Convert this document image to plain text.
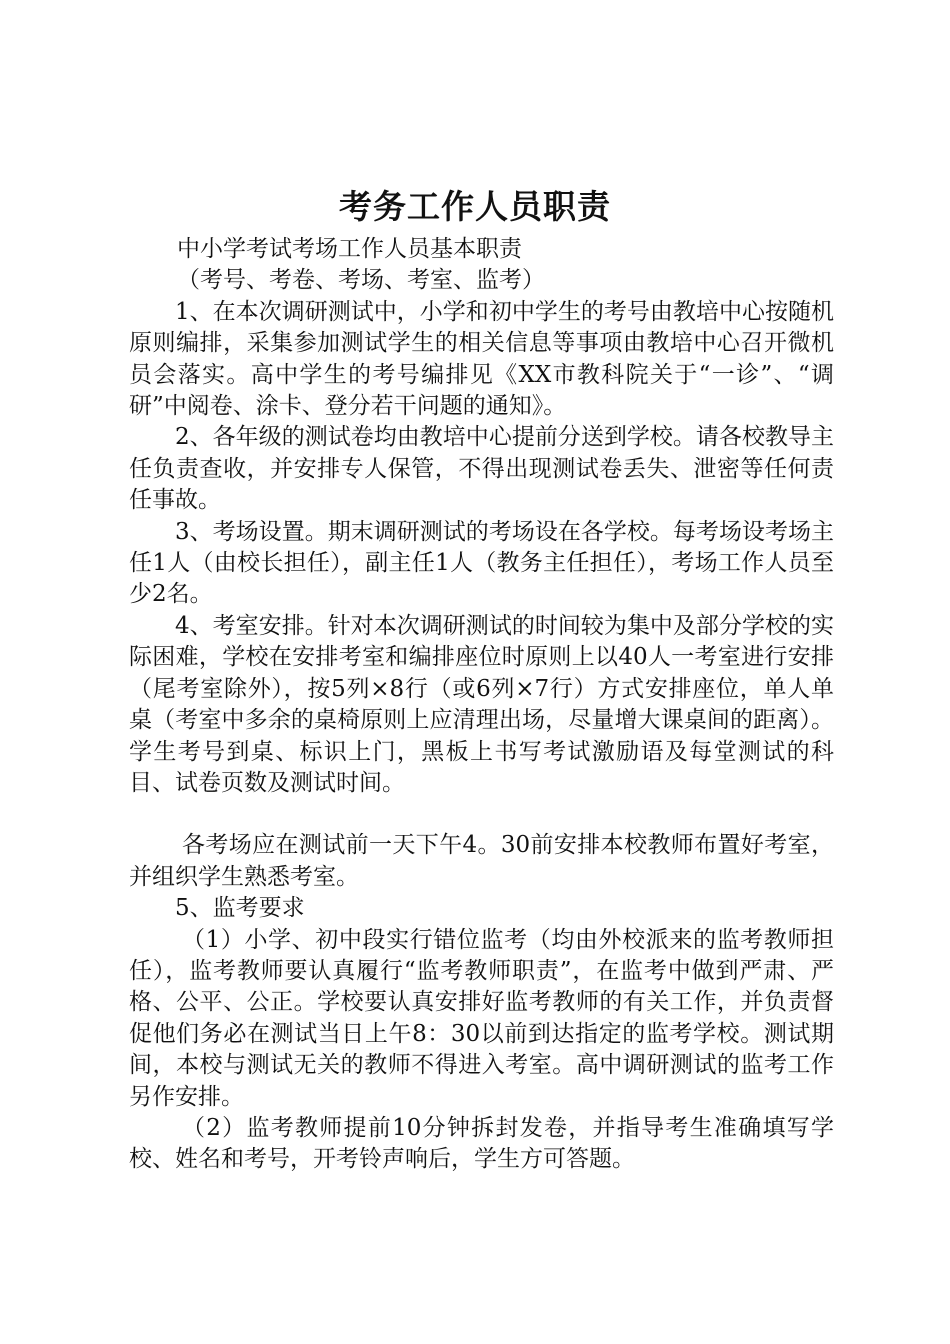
考务工作人员职责

中小学考试考场工作人员基本职责

（考号、考卷、考场、考室、监考）

1、在本次调研测试中，小学和初中学生的考号由教培中心按随机原则编排，采集参加测试学生的相关信息等事项由教培中心召开微机员会落实。高中学生的考号编排见《XX市教科院关于“一诊”、“调研”中阅卷、涂卡、登分若干问题的通知》。

2、各年级的测试卷均由教培中心提前分送到学校。请各校教导主任负责查收，并安排专人保管，不得出现测试卷丢失、泄密等任何责任事故。

3、考场设置。期末调研测试的考场设在各学校。每考场设考场主任1人（由校长担任），副主任1人（教务主任担任），考场工作人员至少2名。

4、考室安排。针对本次调研测试的时间较为集中及部分学校的实际困难，学校在安排考室和编排座位时原则上以40人一考室进行安排（尾考室除外），按5列×8行（或6列×7行）方式安排座位，单人单桌（考室中多余的桌椅原则上应清理出场，尽量增大课桌间的距离）。学生考号到桌、标识上门，黑板上书写考试激励语及每堂测试的科目、试卷页数及测试时间。

各考场应在测试前一天下午4。30前安排本校教师布置好考室，并组织学生熟悉考室。

5、监考要求

（1）小学、初中段实行错位监考（均由外校派来的监考教师担任），监考教师要认真履行“监考教师职责”，在监考中做到严肃、严格、公平、公正。学校要认真安排好监考教师的有关工作，并负责督促他们务必在测试当日上午8：30以前到达指定的监考学校。测试期间，本校与测试无关的教师不得进入考室。高中调研测试的监考工作另作安排。

（2）监考教师提前10分钟拆封发卷，并指导考生准确填写学校、姓名和考号，开考铃声响后，学生方可答题。
